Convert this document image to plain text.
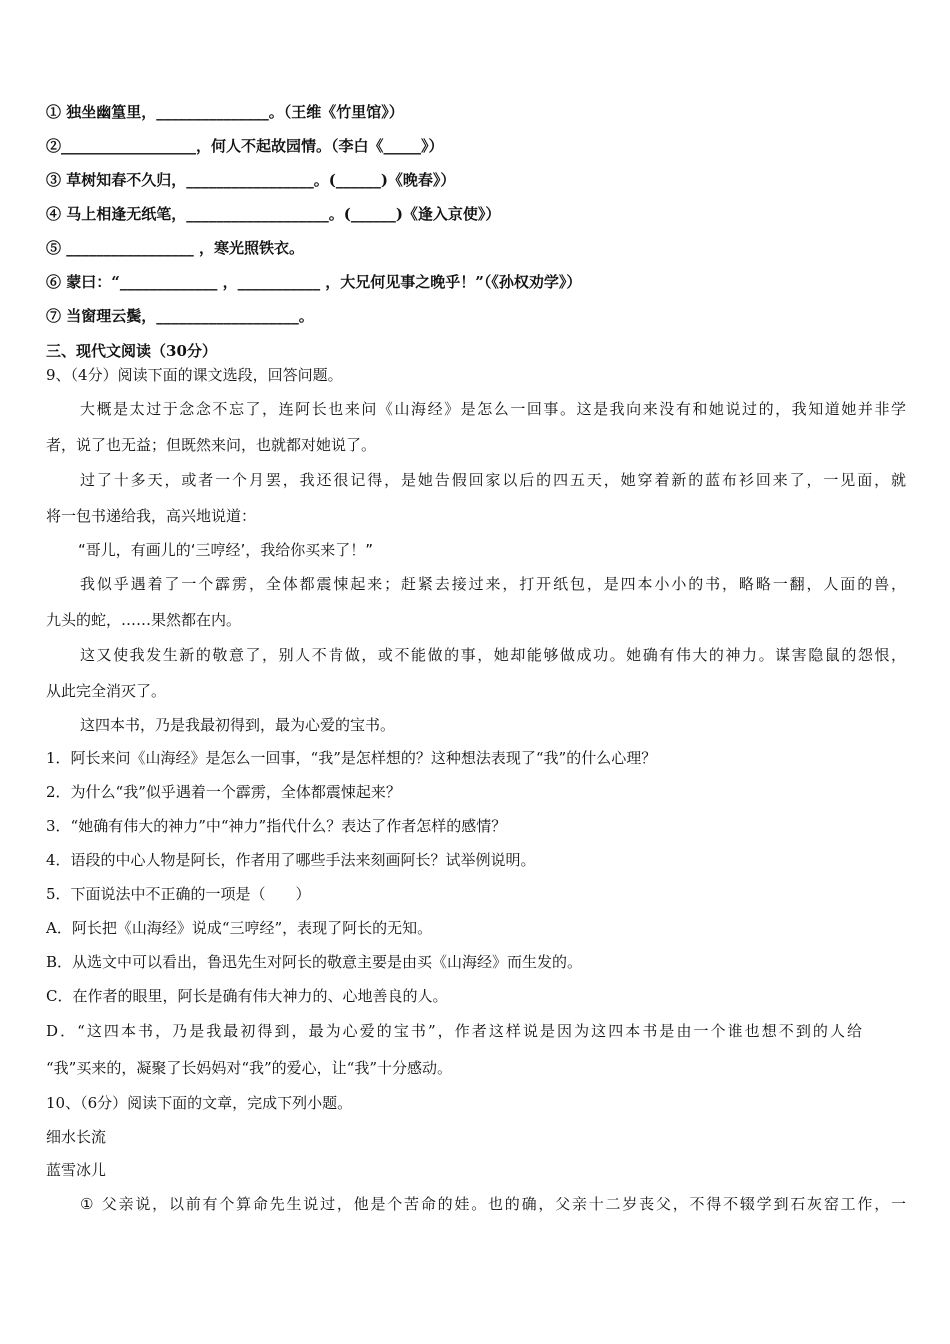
① 独坐幽篁里，_______________。（王维《竹里馆》）
②__________________，何人不起故园情。（李白《_____》）
③ 草树知春不久归，_________________。(______)《晚春》）
④ 马上相逢无纸笔，___________________。(______)《逢入京使》）
⑤ _________________ ，寒光照铁衣。
⑥ 蒙曰：“_____________ ，___________ ，大兄何见事之晚乎！”（《孙权劝学》）
⑦ 当窗理云鬓，___________________。
三、现代文阅读（30分）
9、（4分）阅读下面的课文选段，回答问题。
大概是太过于念念不忘了，连阿长也来问《山海经》是怎么一回事。这是我向来没有和她说过的，我知道她并非学
者，说了也无益；但既然来问，也就都对她说了。
过了十多天，或者一个月罢，我还很记得，是她告假回家以后的四五天，她穿着新的蓝布衫回来了，一见面，就
将一包书递给我，高兴地说道：
“哥儿，有画儿的‘三哼经’，我给你买来了！”
我似乎遇着了一个霹雳，全体都震悚起来；赶紧去接过来，打开纸包，是四本小小的书，略略一翻，人面的兽，
九头的蛇，……果然都在内。
这又使我发生新的敬意了，别人不肯做，或不能做的事，她却能够做成功。她确有伟大的神力。谋害隐鼠的怨恨，
从此完全消灭了。
这四本书，乃是我最初得到，最为心爱的宝书。
1．阿长来问《山海经》是怎么一回事，“我”是怎样想的？这种想法表现了“我”的什么心理？
2．为什么“我”似乎遇着一个霹雳，全体都震悚起来？
3．“她确有伟大的神力”中“神力”指代什么？表达了作者怎样的感情？
4．语段的中心人物是阿长，作者用了哪些手法来刻画阿长？试举例说明。
5．下面说法中不正确的一项是（　　）
A．阿长把《山海经》说成“三哼经”，表现了阿长的无知。
B．从选文中可以看出，鲁迅先生对阿长的敬意主要是由买《山海经》而生发的。
C．在作者的眼里，阿长是确有伟大神力的、心地善良的人。
D．“这四本书，乃是我最初得到，最为心爱的宝书”，作者这样说是因为这四本书是由一个谁也想不到的人给
“我”买来的，凝聚了长妈妈对“我”的爱心，让“我”十分感动。
10、（6分）阅读下面的文章，完成下列小题。
细水长流
蓝雪冰儿
① 父亲说，以前有个算命先生说过，他是个苦命的娃。也的确，父亲十二岁丧父，不得不辍学到石灰窑工作，一
